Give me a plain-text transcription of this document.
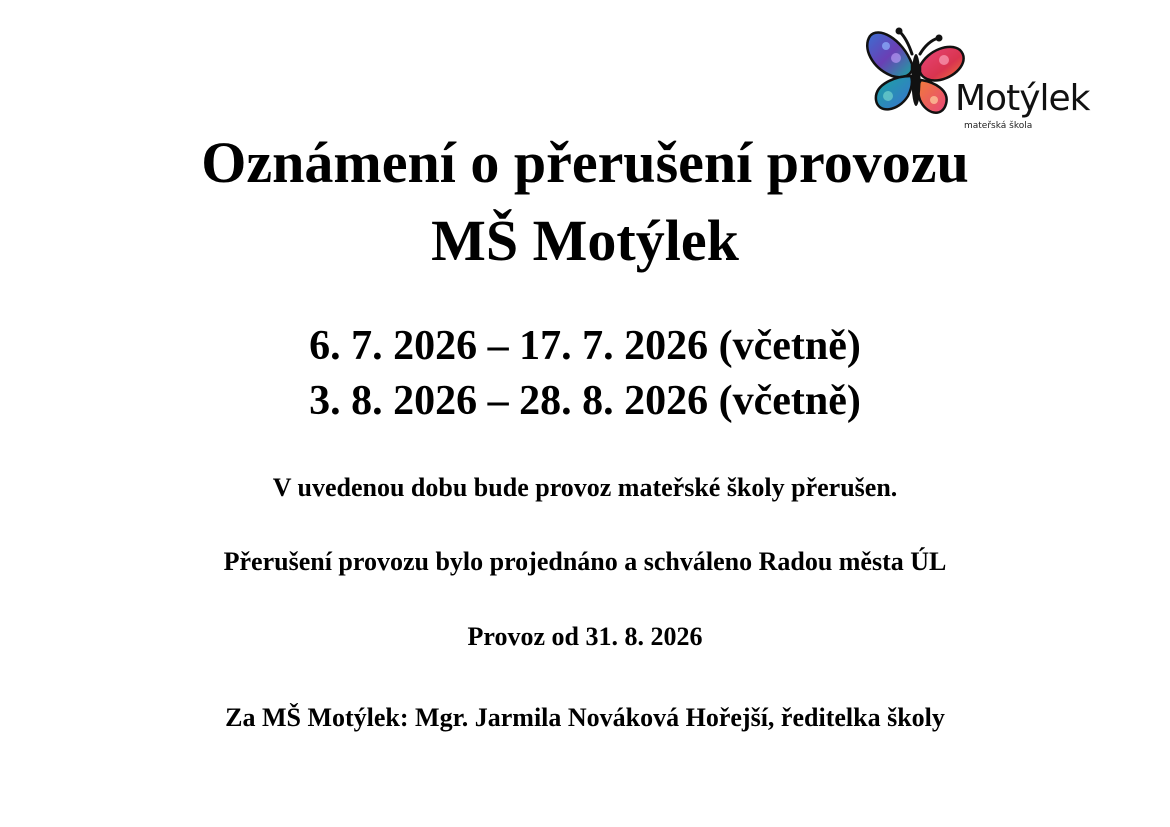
Motýlek
mateřská škola
Oznámení o přerušení provozu
MŠ Motýlek
6. 7. 2026 – 17. 7. 2026 (včetně)
3. 8. 2026 – 28. 8. 2026 (včetně)
V uvedenou dobu bude provoz mateřské školy přerušen.
Přerušení provozu bylo projednáno a schváleno Radou města ÚL
Provoz od 31. 8. 2026
Za MŠ Motýlek: Mgr. Jarmila Nováková Hořejší, ředitelka školy
